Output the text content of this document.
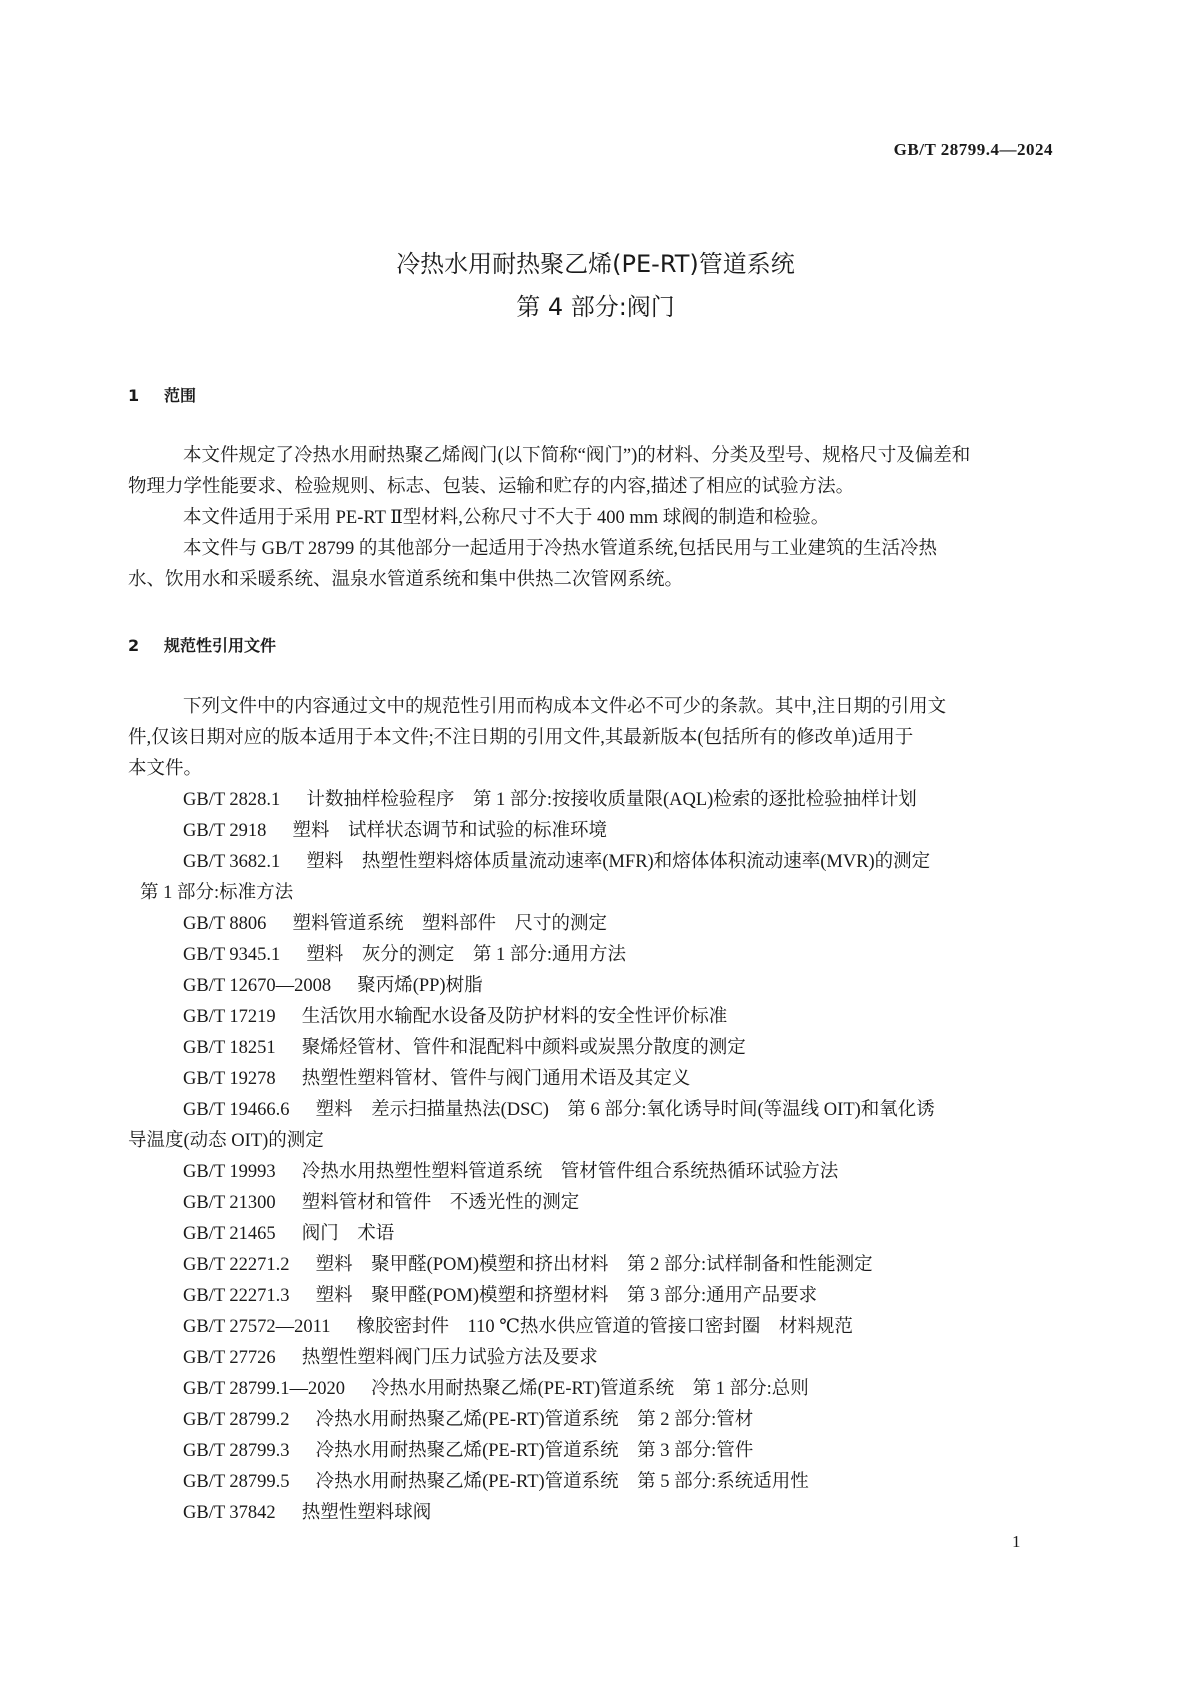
GB/T 28799.4—2024
冷热水用耐热聚乙烯(PE-RT)管道系统
第 4 部分:阀门
1 范围
本文件规定了冷热水用耐热聚乙烯阀门(以下简称“阀门”)的材料、分类及型号、规格尺寸及偏差和
物理力学性能要求、检验规则、标志、包装、运输和贮存的内容,描述了相应的试验方法。
本文件适用于采用 PE-RT Ⅱ型材料,公称尺寸不大于 400 mm 球阀的制造和检验。
本文件与 GB/T 28799 的其他部分一起适用于冷热水管道系统,包括民用与工业建筑的生活冷热
水、饮用水和采暖系统、温泉水管道系统和集中供热二次管网系统。
2 规范性引用文件
下列文件中的内容通过文中的规范性引用而构成本文件必不可少的条款。其中,注日期的引用文
件,仅该日期对应的版本适用于本文件;不注日期的引用文件,其最新版本(包括所有的修改单)适用于
本文件。
GB/T 2828.1 计数抽样检验程序　第 1 部分:按接收质量限(AQL)检索的逐批检验抽样计划
GB/T 2918 塑料　试样状态调节和试验的标准环境
GB/T 3682.1 塑料　热塑性塑料熔体质量流动速率(MFR)和熔体体积流动速率(MVR)的测定
第 1 部分:标准方法
GB/T 8806 塑料管道系统　塑料部件　尺寸的测定
GB/T 9345.1 塑料　灰分的测定　第 1 部分:通用方法
GB/T 12670—2008 聚丙烯(PP)树脂
GB/T 17219 生活饮用水输配水设备及防护材料的安全性评价标准
GB/T 18251 聚烯烃管材、管件和混配料中颜料或炭黑分散度的测定
GB/T 19278 热塑性塑料管材、管件与阀门通用术语及其定义
GB/T 19466.6 塑料　差示扫描量热法(DSC)　第 6 部分:氧化诱导时间(等温线 OIT)和氧化诱
导温度(动态 OIT)的测定
GB/T 19993 冷热水用热塑性塑料管道系统　管材管件组合系统热循环试验方法
GB/T 21300 塑料管材和管件　不透光性的测定
GB/T 21465 阀门　术语
GB/T 22271.2 塑料　聚甲醛(POM)模塑和挤出材料　第 2 部分:试样制备和性能测定
GB/T 22271.3 塑料　聚甲醛(POM)模塑和挤塑材料　第 3 部分:通用产品要求
GB/T 27572—2011 橡胶密封件　110 ℃热水供应管道的管接口密封圈　材料规范
GB/T 27726 热塑性塑料阀门压力试验方法及要求
GB/T 28799.1—2020 冷热水用耐热聚乙烯(PE-RT)管道系统　第 1 部分:总则
GB/T 28799.2 冷热水用耐热聚乙烯(PE-RT)管道系统　第 2 部分:管材
GB/T 28799.3 冷热水用耐热聚乙烯(PE-RT)管道系统　第 3 部分:管件
GB/T 28799.5 冷热水用耐热聚乙烯(PE-RT)管道系统　第 5 部分:系统适用性
GB/T 37842 热塑性塑料球阀
1
